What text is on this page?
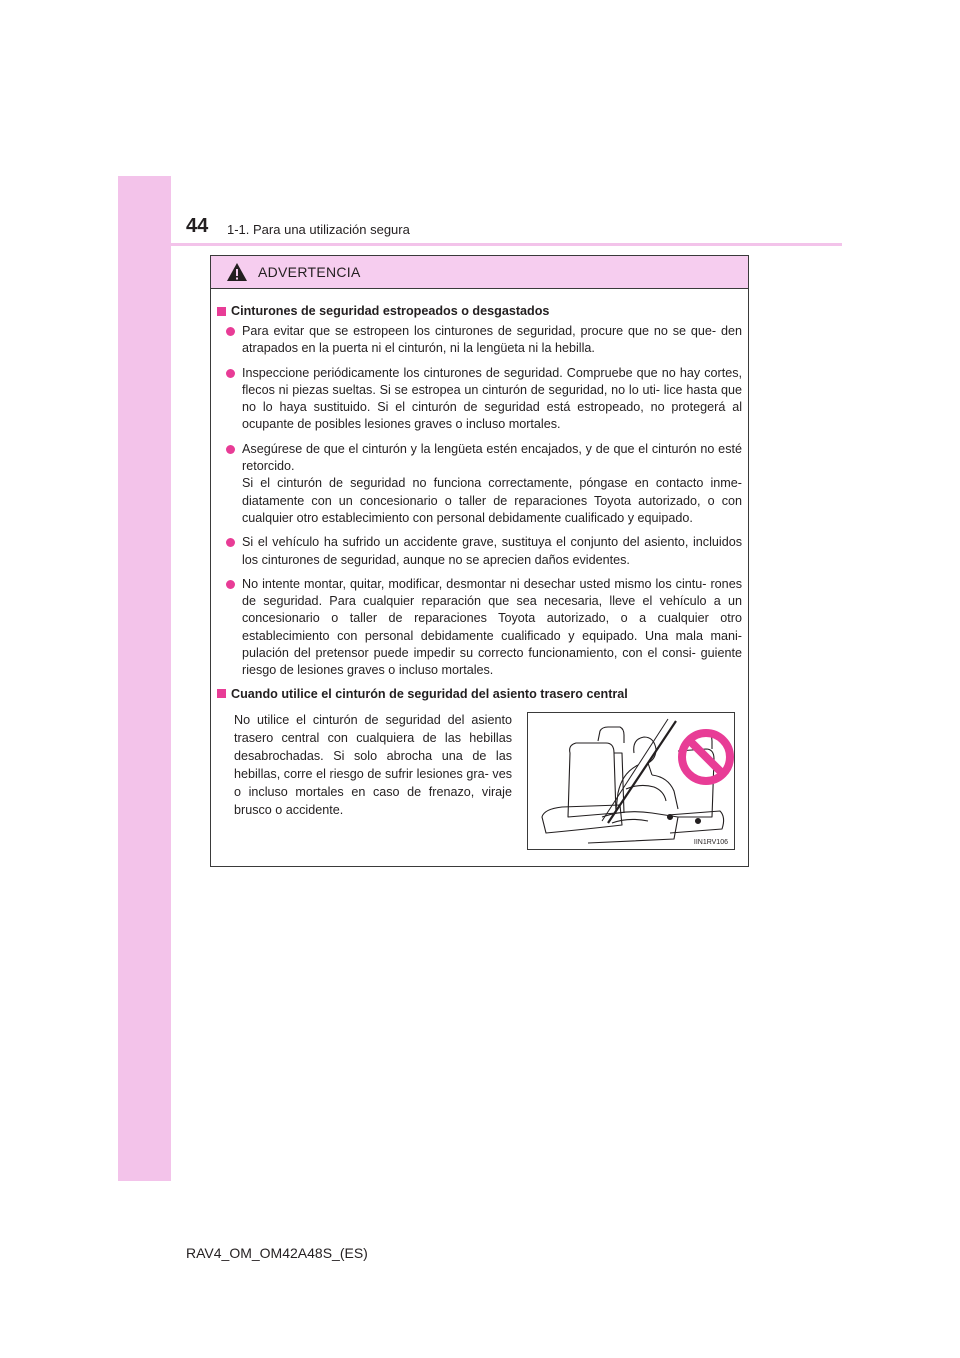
44 1-1. Para una utilización segura
ADVERTENCIA
Cinturones de seguridad estropeados o desgastados
Para evitar que se estropeen los cinturones de seguridad, procure que no se que- den atrapados en la puerta ni el cinturón, ni la lengüeta ni la hebilla.
Inspeccione periódicamente los cinturones de seguridad. Compruebe que no hay cortes, flecos ni piezas sueltas. Si se estropea un cinturón de seguridad, no lo uti- lice hasta que no lo haya sustituido. Si el cinturón de seguridad está estropeado, no protegerá al ocupante de posibles lesiones graves o incluso mortales.
Asegúrese de que el cinturón y la lengüeta estén encajados, y de que el cinturón no esté retorcido.
Si el cinturón de seguridad no funciona correctamente, póngase en contacto inme- diatamente con un concesionario o taller de reparaciones Toyota autorizado, o con cualquier otro establecimiento con personal debidamente cualificado y equipado.
Si el vehículo ha sufrido un accidente grave, sustituya el conjunto del asiento, incluidos los cinturones de seguridad, aunque no se aprecien daños evidentes.
No intente montar, quitar, modificar, desmontar ni desechar usted mismo los cintu- rones de seguridad. Para cualquier reparación que sea necesaria, lleve el vehículo a un concesionario o taller de reparaciones Toyota autorizado, o a cualquier otro establecimiento con personal debidamente cualificado y equipado. Una mala mani- pulación del pretensor puede impedir su correcto funcionamiento, con el consi- guiente riesgo de lesiones graves o incluso mortales.
Cuando utilice el cinturón de seguridad del asiento trasero central
No utilice el cinturón de seguridad del asiento trasero central con cualquiera de las hebillas desabrochadas. Si solo abrocha una de las hebillas, corre el riesgo de sufrir lesiones gra- ves o incluso mortales en caso de frenazo, viraje brusco o accidente.
IIN1RV106
RAV4_OM_OM42A48S_(ES)
